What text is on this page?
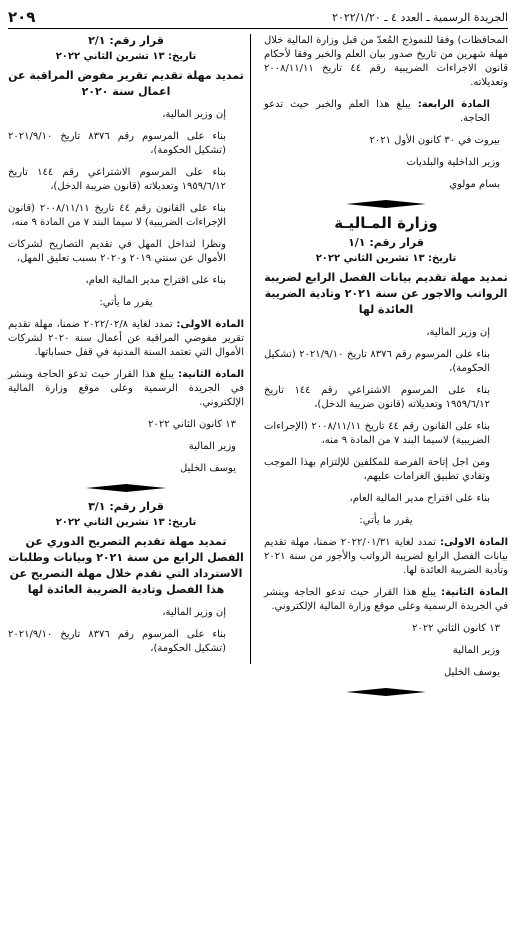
الجريدة الرسمية ـ العدد ٤ ـ ٢٠٢٢/١/٢٠
٢٠٩

المحافظات) وفقا للنموذج المُعدّ من قبل وزارة المالية خلال مهلة شهرين من تاريخ صدور بيان العلم والخبر وفقا لأحكام قانون الاجراءات الضريبية رقم ٤٤ تاريخ ٢٠٠٨/١١/١١ وتعديلاته.

المادة الرابعة: يبلغ هذا العلم والخبر حيث تدعو الحاجة.

بيروت في ٣٠ كانون الأول ٢٠٢١

وزير الداخلية والبلديات

بسام مولوي

وزارة المـاليـة
قرار رقم: ١/١
تاريخ: ١٣ تشرين الثاني ٢٠٢٢
تمديد مهلة تقديم بيانات الفصل الرابع لضريبة الرواتب والاجور عن سنة ٢٠٢١ وتادية الضريبة العائدة لها

إن وزير المالية،

بناء على المرسوم رقم ٨٣٧٦ تاريخ ٢٠٢١/٩/١٠ (تشكيل الحكومة)،

بناء على المرسوم الاشتراعي رقم ١٤٤ تاريخ ١٩٥٩/٦/١٢ وتعديلاته (قانون ضريبة الدخل)،

بناء على القانون رقم ٤٤ تاريخ ٢٠٠٨/١١/١١ (الإجراءات الضريبية) لاسيما البند ٧ من المادة ٩ منه،

ومن اجل إتاحة الفرصة للمكلفين للإلتزام بهذا الموجب وتفادي تطبيق الغرامات عليهم،

بناء على اقتراح مدير المالية العام،

يقرر ما يأتي:

المادة الاولى: تمدد لغاية ٢٠٢٢/٠١/٣١ ضمنا، مهلة تقديم بيانات الفصل الرابع لضريبة الرواتب والأجور من سنة ٢٠٢١ وتأدية الضريبة العائدة لها.

المادة الثانية: يبلغ هذا القرار حيث تدعو الحاجة وينشر في الجريدة الرسمية وعلى موقع وزارة المالية الإلكتروني.

١٣ كانون الثاني ٢٠٢٢

وزير المالية

يوسف الخليل

قرار رقم: ٢/١
تاريخ: ١٣ تشرين الثاني ٢٠٢٢
تمديد مهلة تقديم تقرير مفوض المراقبة عن اعمال سنة ٢٠٢٠

إن وزير المالية،

بناء على المرسوم رقم ٨٣٧٦ تاريخ ٢٠٢١/٩/١٠ (تشكيل الحكومة)،

بناء على المرسوم الاشتراعي رقم ١٤٤ تاريخ ١٩٥٩/٦/١٢ وتعديلاته (قانون ضريبة الدخل)،

بناء على القانون رقم ٤٤ تاريخ ٢٠٠٨/١١/١١ (قانون الإجراءات الضريبية) لا سيما البند ٧ من المادة ٩ منه،

ونظرا لتداخل المهل في تقديم التصاريح لشركات الأموال عن سنتي ٢٠١٩ و٢٠٢٠ بسبب تعليق المهل،

بناء على اقتراح مدير المالية العام،

يقرر ما يأتي:

المادة الاولى: تمدد لغاية ٢٠٢٢/٠٢/٨ ضمنا، مهلة تقديم تقرير مفوضي المراقبة عن أعمال سنة ٢٠٢٠ لشركات الأموال التي تعتمد السنة المدنية في قفل حساباتها.

المادة الثانية: يبلغ هذا القرار حيث تدعو الحاجة وينشر في الجريدة الرسمية وعلى موقع وزارة المالية الإلكتروني.

١٣ كانون الثاني ٢٠٢٢

وزير المالية

يوسف الخليل

قرار رقم: ٣/١
تاريخ: ١٣ تشرين الثاني ٢٠٢٢
تمديد مهلة تقديم التصريح الدوري عن الفصل الرابع من سنة ٢٠٢١ وبيانات وطلبات الاسترداد التي تقدم خلال مهلة التصريح عن هذا الفصل وتادية الضريبة العائدة لها

إن وزير المالية،

بناء على المرسوم رقم ٨٣٧٦ تاريخ ٢٠٢١/٩/١٠ (تشكيل الحكومة)،
